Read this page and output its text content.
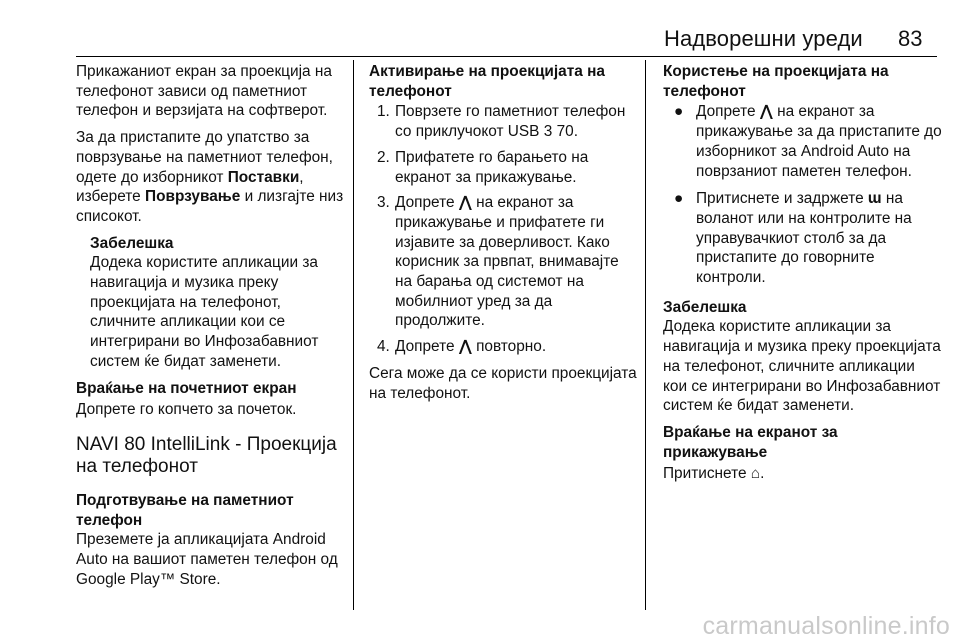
Надворешни уреди 83

Прикажаниот екран за проекција на телефонот зависи од паметниот телефон и верзијата на софтверот.

За да пристапите до упатство за поврзување на паметниот телефон, одете до изборникот Поставки, изберете Поврзување и лизгајте низ списокот.

Забелешка
Додека користите апликации за навигација и музика преку проекцијата на телефонот, сличните апликации кои се интегрирани во Инфозабавниот систем ќе бидат заменети.

Враќање на почетниот екран

Допрете го копчето за почеток.

NAVI 80 IntelliLink - Проекција на телефонот

Подготвување на паметниот телефон

Преземете ја апликацијата Android Auto на вашиот паметен телефон од Google Play™ Store.

Активирање на проекцијата на телефонот

1. Поврзете го паметниот телефон со приклучокот USB 3 70.
2. Прифатете го барањето на екранот за прикажување.
3. Допрете ⋀ на екранот за прикажување и прифатете ги изјавите за доверливост. Како корисник за првпат, внимавајте на барања од системот на мобилниот уред за да продолжите.
4. Допрете ⋀ повторно.

Сега може да се користи проекцијата на телефонот.

Користење на проекцијата на телефонот

● Допрете ⋀ на екранот за прикажување за да пристапите до изборникот за Android Auto на поврзаниот паметен телефон.
● Притиснете и задржете ɯ на воланот или на контролите на управувачкиот столб за да пристапите до говорните контроли.
Забелешка
Додека користите апликации за навигација и музика преку проекцијата на телефонот, сличните апликации кои се интегрирани во Инфозабавниот систем ќе бидат заменети.

Враќање на екранот за прикажување

Притиснете ⌂.

carmanualsonline.info
